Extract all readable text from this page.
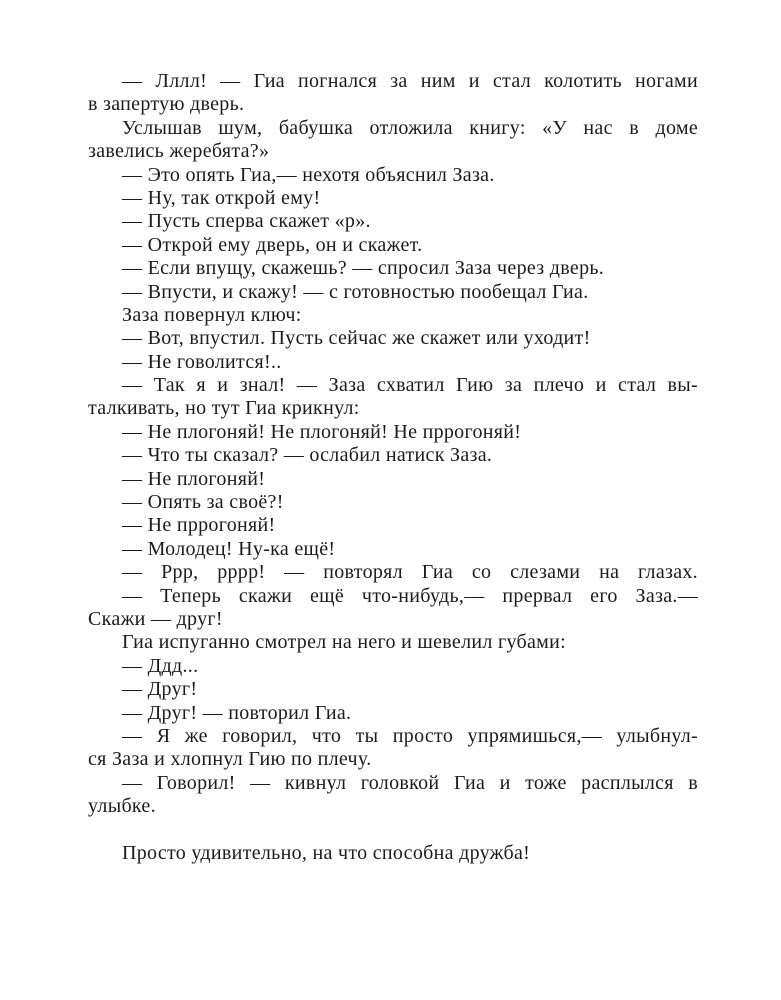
— Лллл! — Гиа погнался за ним и стал колотить ногами
в запертую дверь.
Услышав шум, бабушка отложила книгу: «У нас в доме
завелись жеребята?»
— Это опять Гиа,— нехотя объяснил Заза.
— Ну, так открой ему!
— Пусть сперва скажет «р».
— Открой ему дверь, он и скажет.
— Если впущу, скажешь? — спросил Заза через дверь.
— Впусти, и скажу! — с готовностью пообещал Гиа.
Заза повернул ключ:
— Вот, впустил. Пусть сейчас же скажет или уходит!
— Не говолится!..
— Так я и знал! — Заза схватил Гию за плечо и стал вы-
талкивать, но тут Гиа крикнул:
— Не плогоняй! Не плогоняй! Не пррогоняй!
— Что ты сказал? — ослабил натиск Заза.
— Не плогоняй!
— Опять за своё?!
— Не пррогоняй!
— Молодец! Ну-ка ещё!
— Ррр, рррр! — повторял Гиа со слезами на глазах.
— Теперь скажи ещё что-нибудь,— прервал его Заза.—
Скажи — друг!
Гиа испуганно смотрел на него и шевелил губами:
— Ддд...
— Друг!
— Друг! — повторил Гиа.
— Я же говорил, что ты просто упрямишься,— улыбнул-
ся Заза и хлопнул Гию по плечу.
— Говорил! — кивнул головкой Гиа и тоже расплылся в
улыбке.
Просто удивительно, на что способна дружба!
